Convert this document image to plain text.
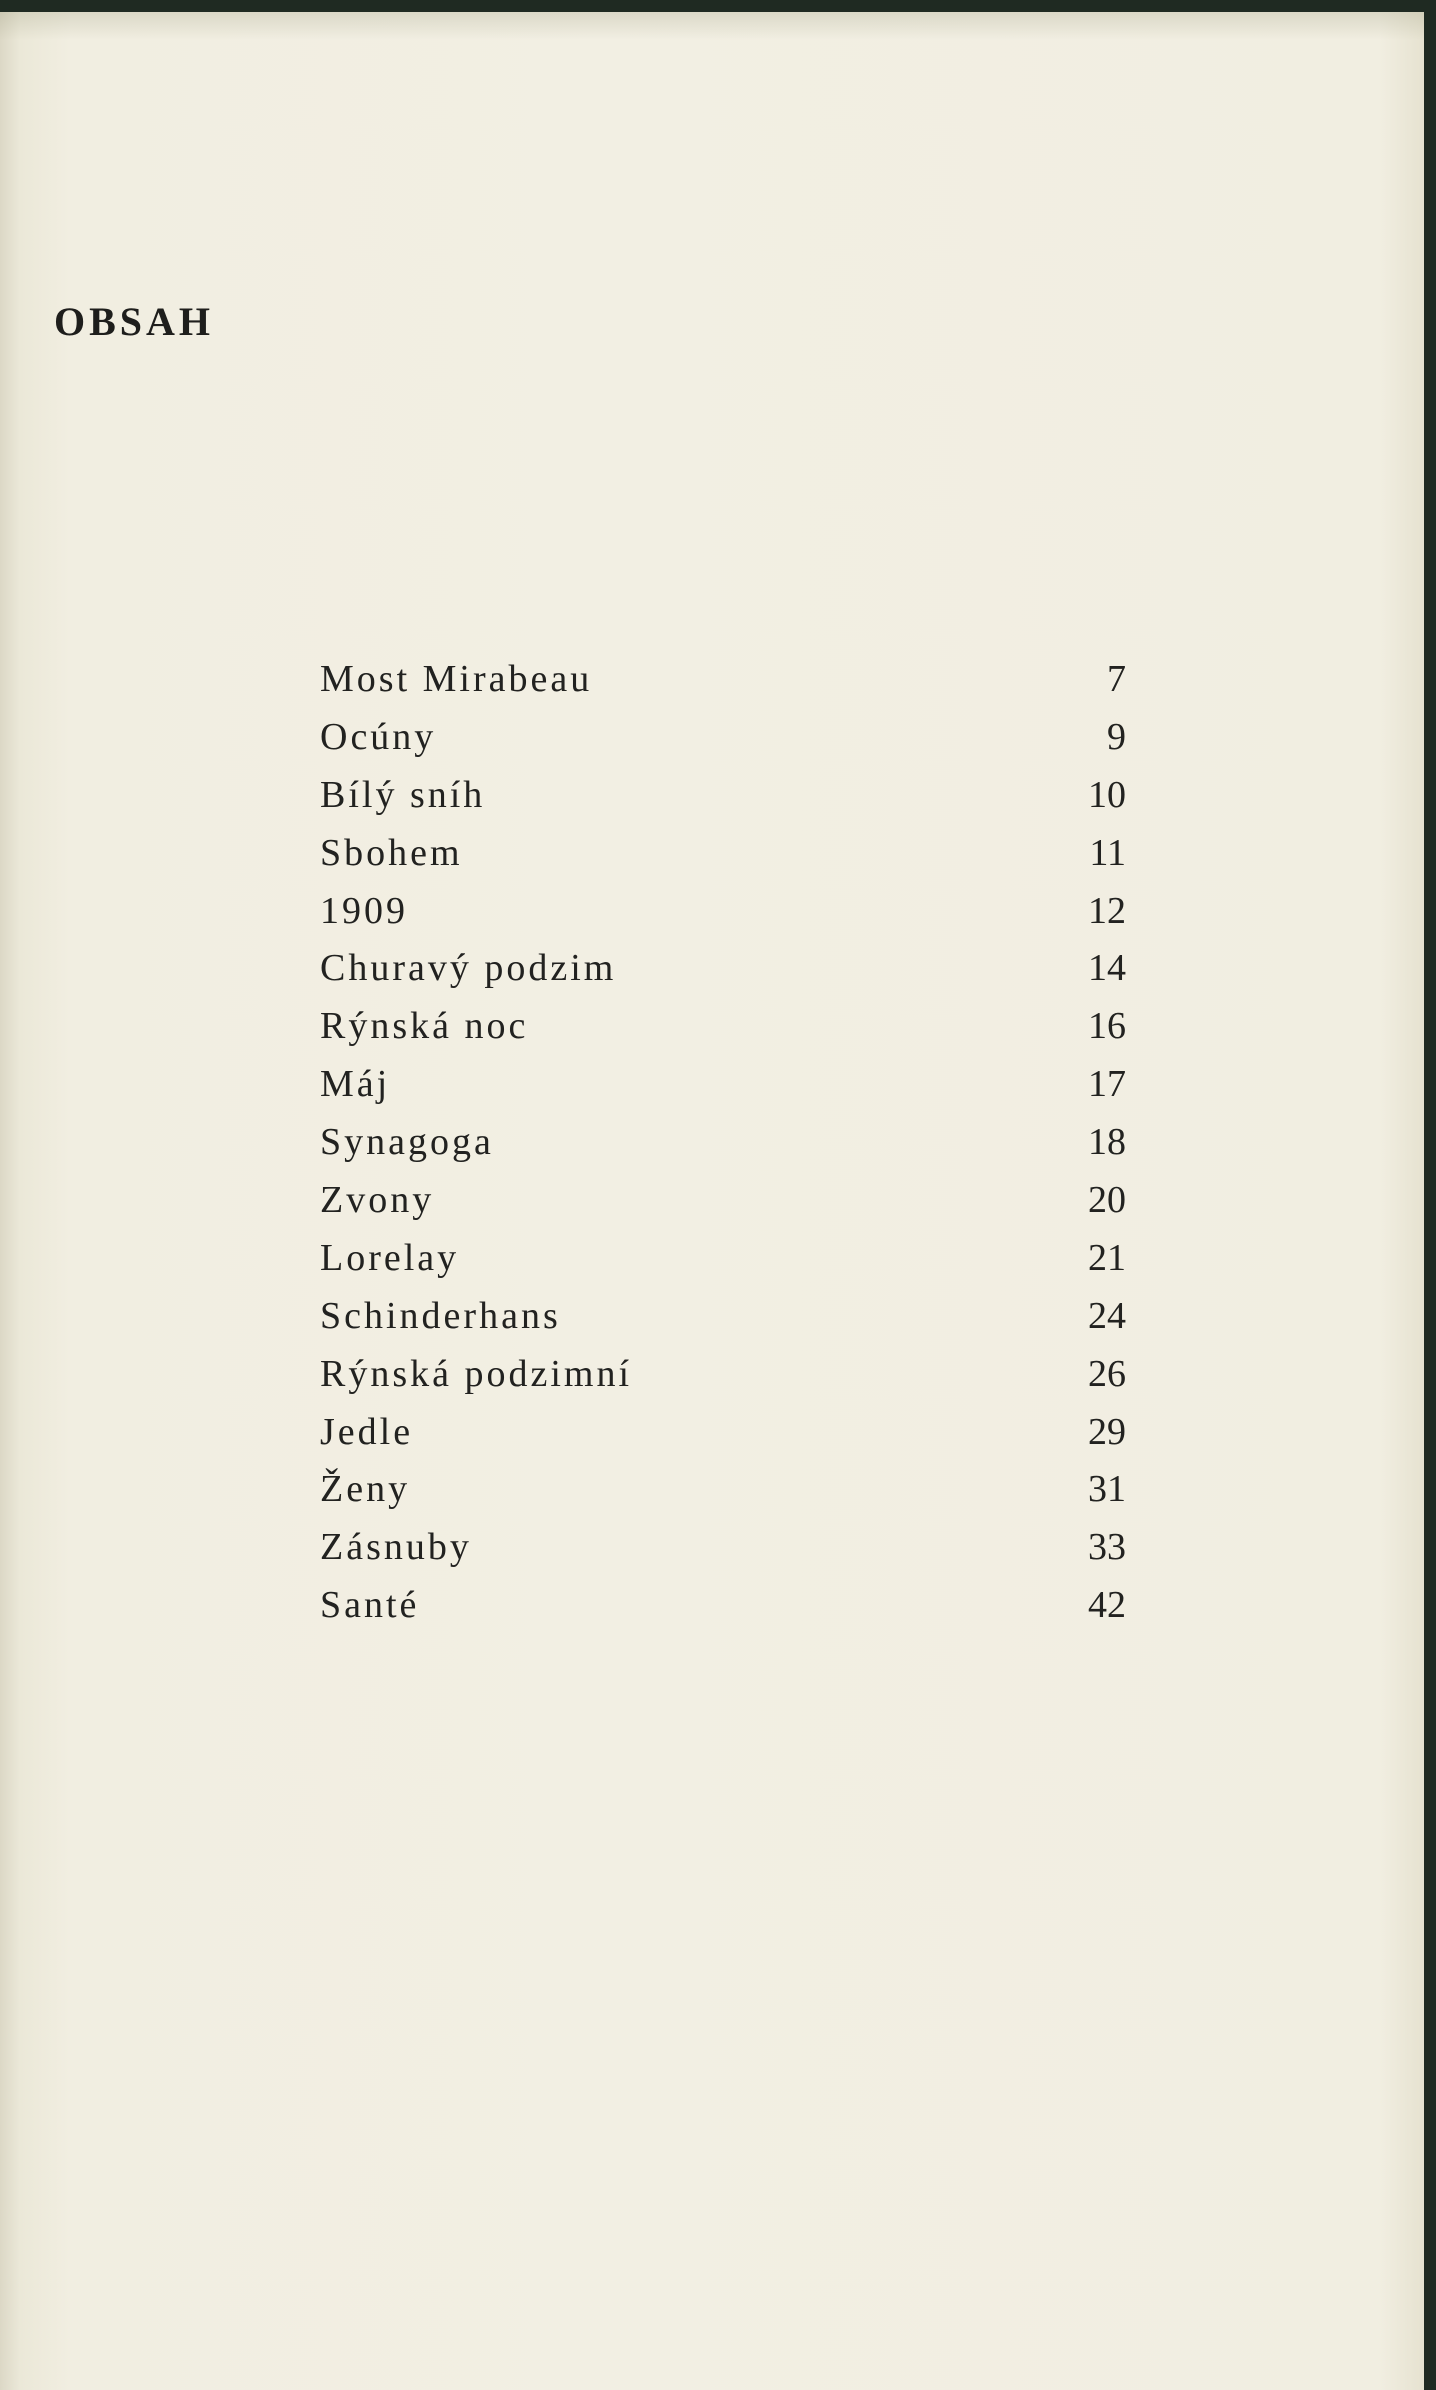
OBSAH
Most Mirabeau	7
Ocúny	9
Bílý sníh	10
Sbohem	11
1909	12
Churavý podzim	14
Rýnská noc	16
Máj	17
Synagoga	18
Zvony	20
Lorelay	21
Schinderhans	24
Rýnská podzimní	26
Jedle	29
Ženy	31
Zásnuby	33
Santé	42
